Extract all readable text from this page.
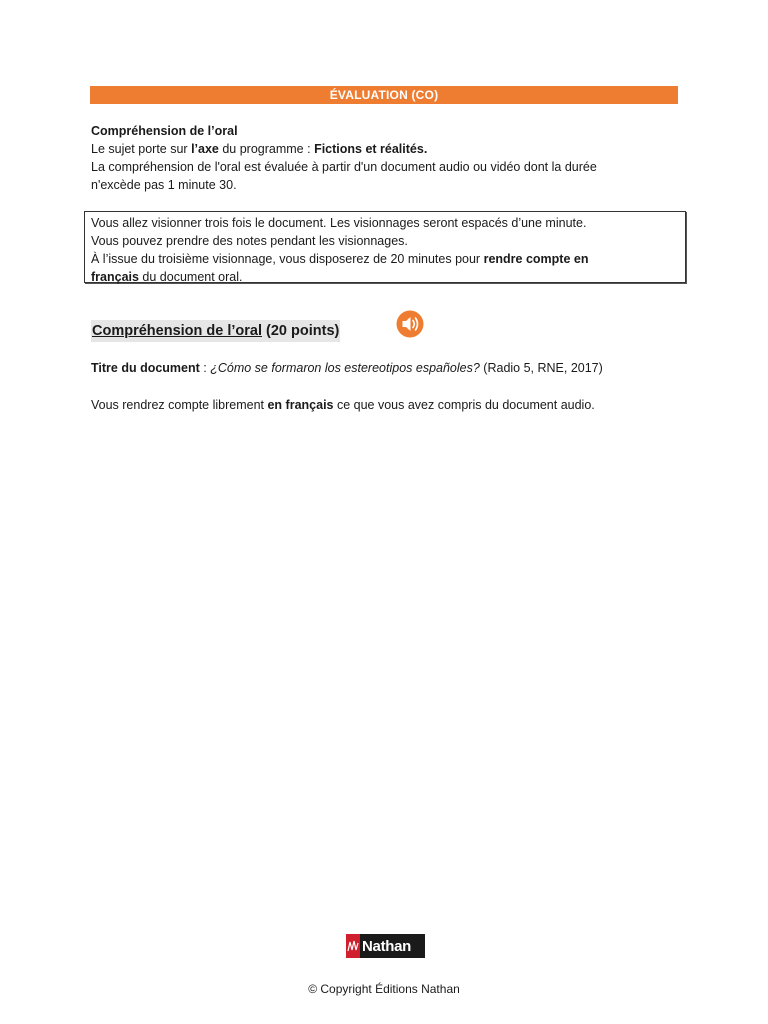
ÉVALUATION (CO)

Compréhension de l’oral

Le sujet porte sur l’axe du programme : Fictions et réalités.

La compréhension de l'oral est évaluée à partir d'un document audio ou vidéo dont la durée

n'excède pas 1 minute 30.

Vous allez visionner trois fois le document. Les visionnages seront espacés d’une minute.

Vous pouvez prendre des notes pendant les visionnages.

À l’issue du troisième visionnage, vous disposerez de 20 minutes pour rendre compte en

français du document oral.

Compréhension de l’oral (20 points)
Titre du document : ¿Cómo se formaron los estereotipos españoles? (Radio 5, RNE, 2017)
Vous rendrez compte librement en français ce que vous avez compris du document audio.
Nathan
© Copyright Éditions Nathan
